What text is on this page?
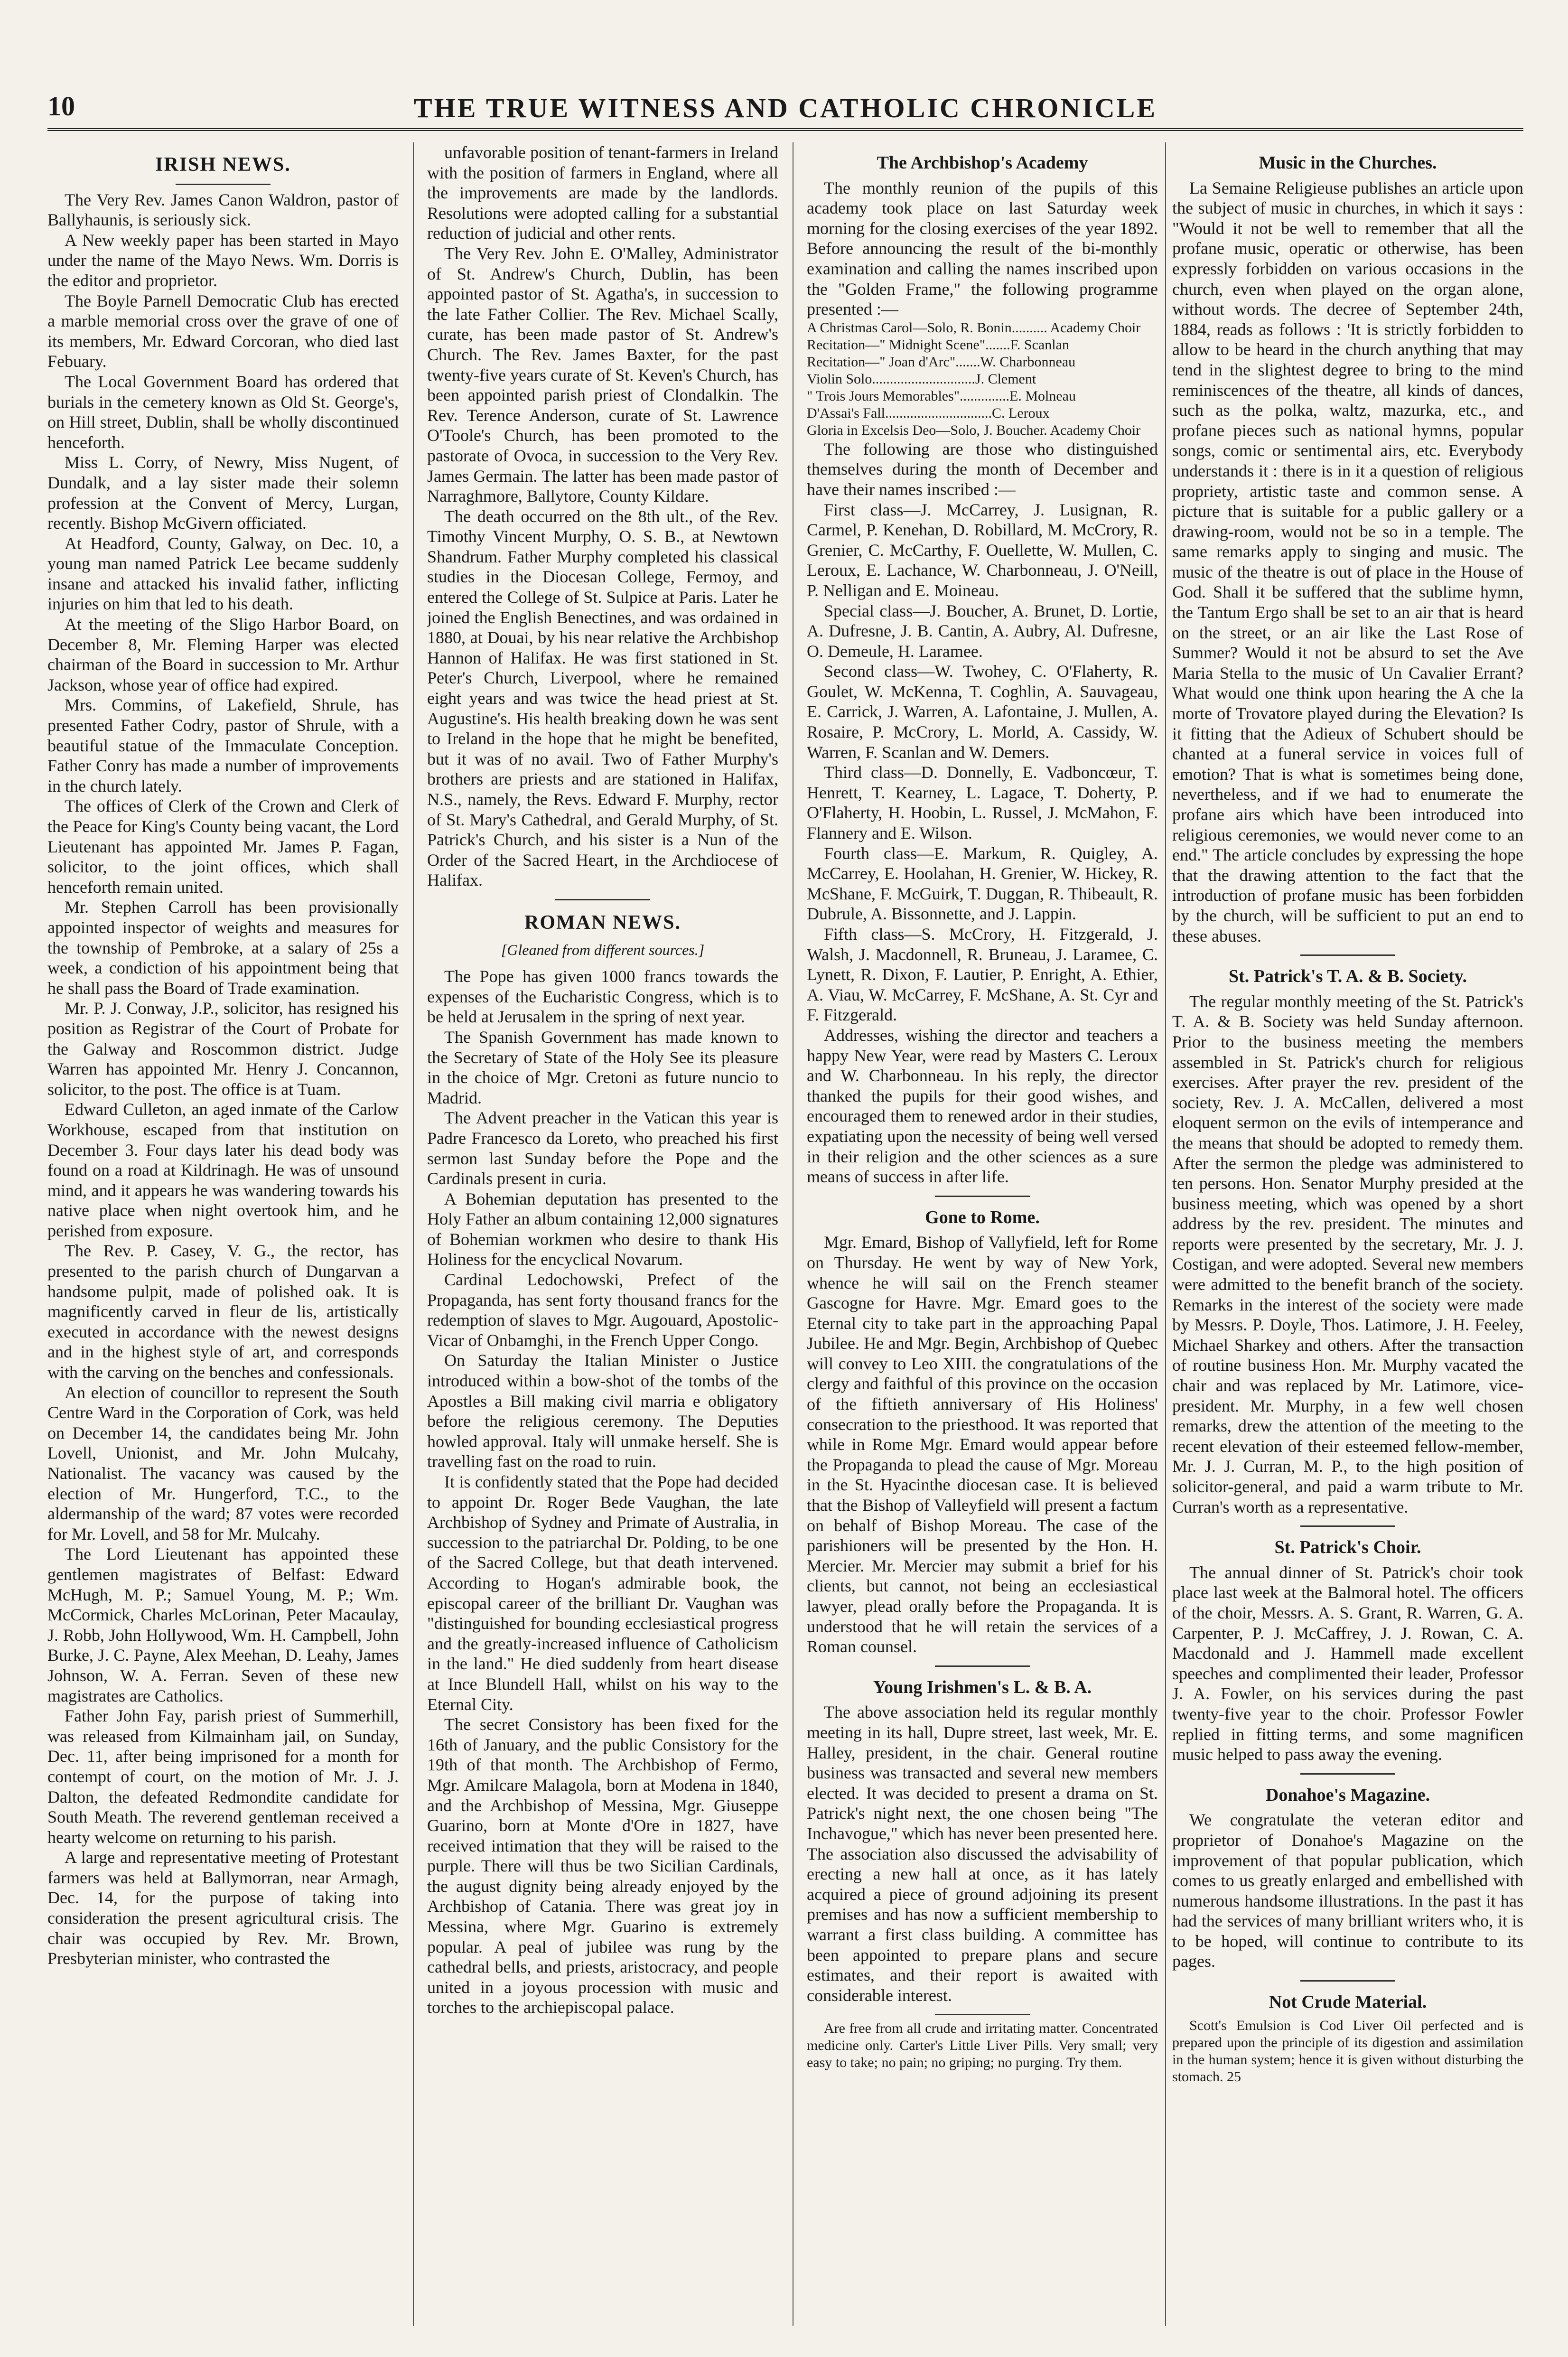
10	THE TRUE WITNESS AND CATHOLIC CHRONICLE
IRISH NEWS.

The Very Rev. James Canon Waldron, pastor of Ballyhaunis, is seriously sick.

A New weekly paper has been started in Mayo under the name of the Mayo News. Wm. Dorris is the editor and proprietor.

The Boyle Parnell Democratic Club has erected a marble memorial cross over the grave of one of its members, Mr. Edward Corcoran, who died last Febuary.

The Local Government Board has ordered that burials in the cemetery known as Old St. George's, on Hill street, Dublin, shall be wholly discontinued henceforth.

Miss L. Corry, of Newry, Miss Nugent, of Dundalk, and a lay sister made their solemn profession at the Convent of Mercy, Lurgan, recently. Bishop McGivern officiated.

At Headford, County, Galway, on Dec. 10, a young man named Patrick Lee became suddenly insane and attacked his invalid father, inflicting injuries on him that led to his death.

At the meeting of the Sligo Harbor Board, on December 8, Mr. Fleming Harper was elected chairman of the Board in succession to Mr. Arthur Jackson, whose year of office had expired.

Mrs. Commins, of Lakefield, Shrule, has presented Father Codry, pastor of Shrule, with a beautiful statue of the Immaculate Conception. Father Conry has made a number of improvements in the church lately.

The offices of Clerk of the Crown and Clerk of the Peace for King's County being vacant, the Lord Lieutenant has appointed Mr. James P. Fagan, solicitor, to the joint offices, which shall henceforth remain united.

Mr. Stephen Carroll has been provisionally appointed inspector of weights and measures for the township of Pembroke, at a salary of 25s a week, a condiction of his appointment being that he shall pass the Board of Trade examination.

Mr. P. J. Conway, J.P., solicitor, has resigned his position as Registrar of the Court of Probate for the Galway and Roscommon district. Judge Warren has appointed Mr. Henry J. Concannon, solicitor, to the post. The office is at Tuam.

Edward Culleton, an aged inmate of the Carlow Workhouse, escaped from that institution on December 3. Four days later his dead body was found on a road at Kildrinagh. He was of unsound mind, and it appears he was wandering towards his native place when night overtook him, and he perished from exposure.

The Rev. P. Casey, V. G., the rector, has presented to the parish church of Dungarvan a handsome pulpit, made of polished oak. It is magnificently carved in fleur de lis, artistically executed in accordance with the newest designs and in the highest style of art, and corresponds with the carving on the benches and confessionals.

An election of councillor to represent the South Centre Ward in the Corporation of Cork, was held on December 14, the candidates being Mr. John Lovell, Unionist, and Mr. John Mulcahy, Nationalist. The vacancy was caused by the election of Mr. Hungerford, T.C., to the aldermanship of the ward; 87 votes were recorded for Mr. Lovell, and 58 for Mr. Mulcahy.

The Lord Lieutenant has appointed these gentlemen magistrates of Belfast: Edward McHugh, M. P.; Samuel Young, M. P.; Wm. McCormick, Charles McLorinan, Peter Macaulay, J. Robb, John Hollywood, Wm. H. Campbell, John Burke, J. C. Payne, Alex Meehan, D. Leahy, James Johnson, W. A. Ferran. Seven of these new magistrates are Catholics.

Father John Fay, parish priest of Summerhill, was released from Kilmainham jail, on Sunday, Dec. 11, after being imprisoned for a month for contempt of court, on the motion of Mr. J. J. Dalton, the defeated Redmondite candidate for South Meath. The reverend gentleman received a hearty welcome on returning to his parish.

A large and representative meeting of Protestant farmers was held at Ballymorran, near Armagh, Dec. 14, for the purpose of taking into consideration the present agricultural crisis. The chair was occupied by Rev. Mr. Brown, Presbyterian minister, who contrasted the

unfavorable position of tenant-farmers in Ireland with the position of farmers in England, where all the improvements are made by the landlords. Resolutions were adopted calling for a substantial reduction of judicial and other rents.

The Very Rev. John E. O'Malley, Administrator of St. Andrew's Church, Dublin, has been appointed pastor of St. Agatha's, in succession to the late Father Collier. The Rev. Michael Scally, curate, has been made pastor of St. Andrew's Church. The Rev. James Baxter, for the past twenty-five years curate of St. Keven's Church, has been appointed parish priest of Clondalkin. The Rev. Terence Anderson, curate of St. Lawrence O'Toole's Church, has been promoted to the pastorate of Ovoca, in succession to the Very Rev. James Germain. The latter has been made pastor of Narraghmore, Ballytore, County Kildare.

The death occurred on the 8th ult., of the Rev. Timothy Vincent Murphy, O. S. B., at Newtown Shandrum. Father Murphy completed his classical studies in the Diocesan College, Fermoy, and entered the College of St. Sulpice at Paris. Later he joined the English Benectines, and was ordained in 1880, at Douai, by his near relative the Archbishop Hannon of Halifax. He was first stationed in St. Peter's Church, Liverpool, where he remained eight years and was twice the head priest at St. Augustine's. His health breaking down he was sent to Ireland in the hope that he might be benefited, but it was of no avail. Two of Father Murphy's brothers are priests and are stationed in Halifax, N.S., namely, the Revs. Edward F. Murphy, rector of St. Mary's Cathedral, and Gerald Murphy, of St. Patrick's Church, and his sister is a Nun of the Order of the Sacred Heart, in the Archdiocese of Halifax.

ROMAN NEWS.
[Gleaned from different sources.]

The Pope has given 1000 francs towards the expenses of the Eucharistic Congress, which is to be held at Jerusalem in the spring of next year.

The Spanish Government has made known to the Secretary of State of the Holy See its pleasure in the choice of Mgr. Cretoni as future nuncio to Madrid.

The Advent preacher in the Vatican this year is Padre Francesco da Loreto, who preached his first sermon last Sunday before the Pope and the Cardinals present in curia.

A Bohemian deputation has presented to the Holy Father an album containing 12,000 signatures of Bohemian workmen who desire to thank His Holiness for the encyclical Novarum.

Cardinal Ledochowski, Prefect of the Propaganda, has sent forty thousand francs for the redemption of slaves to Mgr. Augouard, Apostolic-Vicar of Onbamghi, in the French Upper Congo.

On Saturday the Italian Minister o Justice introduced within a bow-shot of the tombs of the Apostles a Bill making civil marria e obligatory before the religious ceremony. The Deputies howled approval. Italy will unmake herself. She is travelling fast on the road to ruin.

It is confidently stated that the Pope had decided to appoint Dr. Roger Bede Vaughan, the late Archbishop of Sydney and Primate of Australia, in succession to the patriarchal Dr. Polding, to be one of the Sacred College, but that death intervened. According to Hogan's admirable book, the episcopal career of the brilliant Dr. Vaughan was "distinguished for bounding ecclesiastical progress and the greatly-increased influence of Catholicism in the land." He died suddenly from heart disease at Ince Blundell Hall, whilst on his way to the Eternal City.

The secret Consistory has been fixed for the 16th of January, and the public Consistory for the 19th of that month. The Archbishop of Fermo, Mgr. Amilcare Malagola, born at Modena in 1840, and the Archbishop of Messina, Mgr. Giuseppe Guarino, born at Monte d'Ore in 1827, have received intimation that they will be raised to the purple. There will thus be two Sicilian Cardinals, the august dignity being already enjoyed by the Archbishop of Catania. There was great joy in Messina, where Mgr. Guarino is extremely popular. A peal of jubilee was rung by the cathedral bells, and priests, aristocracy, and people united in a joyous procession with music and torches to the archiepiscopal palace.

The Archbishop's Academy

The monthly reunion of the pupils of this academy took place on last Saturday week morning for the closing exercises of the year 1892. Before announcing the result of the bi-monthly examination and calling the names inscribed upon the "Golden Frame," the following programme presented :—

A Christmas Carol—Solo, R. Bonin.......... Academy Choir
Recitation—" Midnight Scene".......F. Scanlan
Recitation—" Joan d'Arc".......W. Charbonneau
Violin Solo.............................J. Clement
" Trois Jours Memorables"..............E. Molneau
D'Assai's Fall..............................C. Leroux
Gloria in Excelsis Deo—Solo, J. Boucher. Academy Choir

The following are those who distinguished themselves during the month of December and have their names inscribed :—

First class—J. McCarrey, J. Lusignan, R. Carmel, P. Kenehan, D. Robillard, M. McCrory, R. Grenier, C. McCarthy, F. Ouellette, W. Mullen, C. Leroux, E. Lachance, W. Charbonneau, J. O'Neill, P. Nelligan and E. Moineau.

Special class—J. Boucher, A. Brunet, D. Lortie, A. Dufresne, J. B. Cantin, A. Aubry, Al. Dufresne, O. Demeule, H. Laramee.

Second class—W. Twohey, C. O'Flaherty, R. Goulet, W. McKenna, T. Coghlin, A. Sauvageau, E. Carrick, J. Warren, A. Lafontaine, J. Mullen, A. Rosaire, P. McCrory, L. Morld, A. Cassidy, W. Warren, F. Scanlan and W. Demers.

Third class—D. Donnelly, E. Vadboncœur, T. Henrett, T. Kearney, L. Lagace, T. Doherty, P. O'Flaherty, H. Hoobin, L. Russel, J. McMahon, F. Flannery and E. Wilson.

Fourth class—E. Markum, R. Quigley, A. McCarrey, E. Hoolahan, H. Grenier, W. Hickey, R. McShane, F. McGuirk, T. Duggan, R. Thibeault, R. Dubrule, A. Bissonnette, and J. Lappin.

Fifth class—S. McCrory, H. Fitzgerald, J. Walsh, J. Macdonnell, R. Bruneau, J. Laramee, C. Lynett, R. Dixon, F. Lautier, P. Enright, A. Ethier, A. Viau, W. McCarrey, F. McShane, A. St. Cyr and F. Fitzgerald.

Addresses, wishing the director and teachers a happy New Year, were read by Masters C. Leroux and W. Charbonneau. In his reply, the director thanked the pupils for their good wishes, and encouraged them to renewed ardor in their studies, expatiating upon the necessity of being well versed in their religion and the other sciences as a sure means of success in after life.

Gone to Rome.

Mgr. Emard, Bishop of Vallyfield, left for Rome on Thursday. He went by way of New York, whence he will sail on the French steamer Gascogne for Havre. Mgr. Emard goes to the Eternal city to take part in the approaching Papal Jubilee. He and Mgr. Begin, Archbishop of Quebec will convey to Leo XIII. the congratulations of the clergy and faithful of this province on the occasion of the fiftieth anniversary of His Holiness' consecration to the priesthood. It was reported that while in Rome Mgr. Emard would appear before the Propaganda to plead the cause of Mgr. Moreau in the St. Hyacinthe diocesan case. It is believed that the Bishop of Valleyfield will present a factum on behalf of Bishop Moreau. The case of the parishioners will be presented by the Hon. H. Mercier. Mr. Mercier may submit a brief for his clients, but cannot, not being an ecclesiastical lawyer, plead orally before the Propaganda. It is understood that he will retain the services of a Roman counsel.

Young Irishmen's L. & B. A.

The above association held its regular monthly meeting in its hall, Dupre street, last week, Mr. E. Halley, president, in the chair. General routine business was transacted and several new members elected. It was decided to present a drama on St. Patrick's night next, the one chosen being "The Inchavogue," which has never been presented here. The association also discussed the advisability of erecting a new hall at once, as it has lately acquired a piece of ground adjoining its present premises and has now a sufficient membership to warrant a first class building. A committee has been appointed to prepare plans and secure estimates, and their report is awaited with considerable interest.

Are free from all crude and irritating matter. Concentrated medicine only. Carter's Little Liver Pills. Very small; very easy to take; no pain; no griping; no purging. Try them.

Music in the Churches.

La Semaine Religieuse publishes an article upon the subject of music in churches, in which it says : "Would it not be well to remember that all the profane music, operatic or otherwise, has been expressly forbidden on various occasions in the church, even when played on the organ alone, without words. The decree of September 24th, 1884, reads as follows : 'It is strictly forbidden to allow to be heard in the church anything that may tend in the slightest degree to bring to the mind reminiscences of the theatre, all kinds of dances, such as the polka, waltz, mazurka, etc., and profane pieces such as national hymns, popular songs, comic or sentimental airs, etc. Everybody understands it : there is in it a question of religious propriety, artistic taste and common sense. A picture that is suitable for a public gallery or a drawing-room, would not be so in a temple. The same remarks apply to singing and music. The music of the theatre is out of place in the House of God. Shall it be suffered that the sublime hymn, the Tantum Ergo shall be set to an air that is heard on the street, or an air like the Last Rose of Summer? Would it not be absurd to set the Ave Maria Stella to the music of Un Cavalier Errant? What would one think upon hearing the A che la morte of Trovatore played during the Elevation? Is it fitting that the Adieux of Schubert should be chanted at a funeral service in voices full of emotion? That is what is sometimes being done, nevertheless, and if we had to enumerate the profane airs which have been introduced into religious ceremonies, we would never come to an end." The article concludes by expressing the hope that the drawing attention to the fact that the introduction of profane music has been forbidden by the church, will be sufficient to put an end to these abuses.

St. Patrick's T. A. & B. Society.

The regular monthly meeting of the St. Patrick's T. A. & B. Society was held Sunday afternoon. Prior to the business meeting the members assembled in St. Patrick's church for religious exercises. After prayer the rev. president of the society, Rev. J. A. McCallen, delivered a most eloquent sermon on the evils of intemperance and the means that should be adopted to remedy them. After the sermon the pledge was administered to ten persons. Hon. Senator Murphy presided at the business meeting, which was opened by a short address by the rev. president. The minutes and reports were presented by the secretary, Mr. J. J. Costigan, and were adopted. Several new members were admitted to the benefit branch of the society. Remarks in the interest of the society were made by Messrs. P. Doyle, Thos. Latimore, J. H. Feeley, Michael Sharkey and others. After the transaction of routine business Hon. Mr. Murphy vacated the chair and was replaced by Mr. Latimore, vice-president. Mr. Murphy, in a few well chosen remarks, drew the attention of the meeting to the recent elevation of their esteemed fellow-member, Mr. J. J. Curran, M. P., to the high position of solicitor-general, and paid a warm tribute to Mr. Curran's worth as a representative.

St. Patrick's Choir.

The annual dinner of St. Patrick's choir took place last week at the Balmoral hotel. The officers of the choir, Messrs. A. S. Grant, R. Warren, G. A. Carpenter, P. J. McCaffrey, J. J. Rowan, C. A. Macdonald and J. Hammell made excellent speeches and complimented their leader, Professor J. A. Fowler, on his services during the past twenty-five year to the choir. Professor Fowler replied in fitting terms, and some magnificen music helped to pass away the evening.

Donahoe's Magazine.

We congratulate the veteran editor and proprietor of Donahoe's Magazine on the improvement of that popular publication, which comes to us greatly enlarged and embellished with numerous handsome illustrations. In the past it has had the services of many brilliant writers who, it is to be hoped, will continue to contribute to its pages.

Not Crude Material.

Scott's Emulsion is Cod Liver Oil perfected and is prepared upon the principle of its digestion and assimilation in the human system; hence it is given without disturbing the stomach. 25
